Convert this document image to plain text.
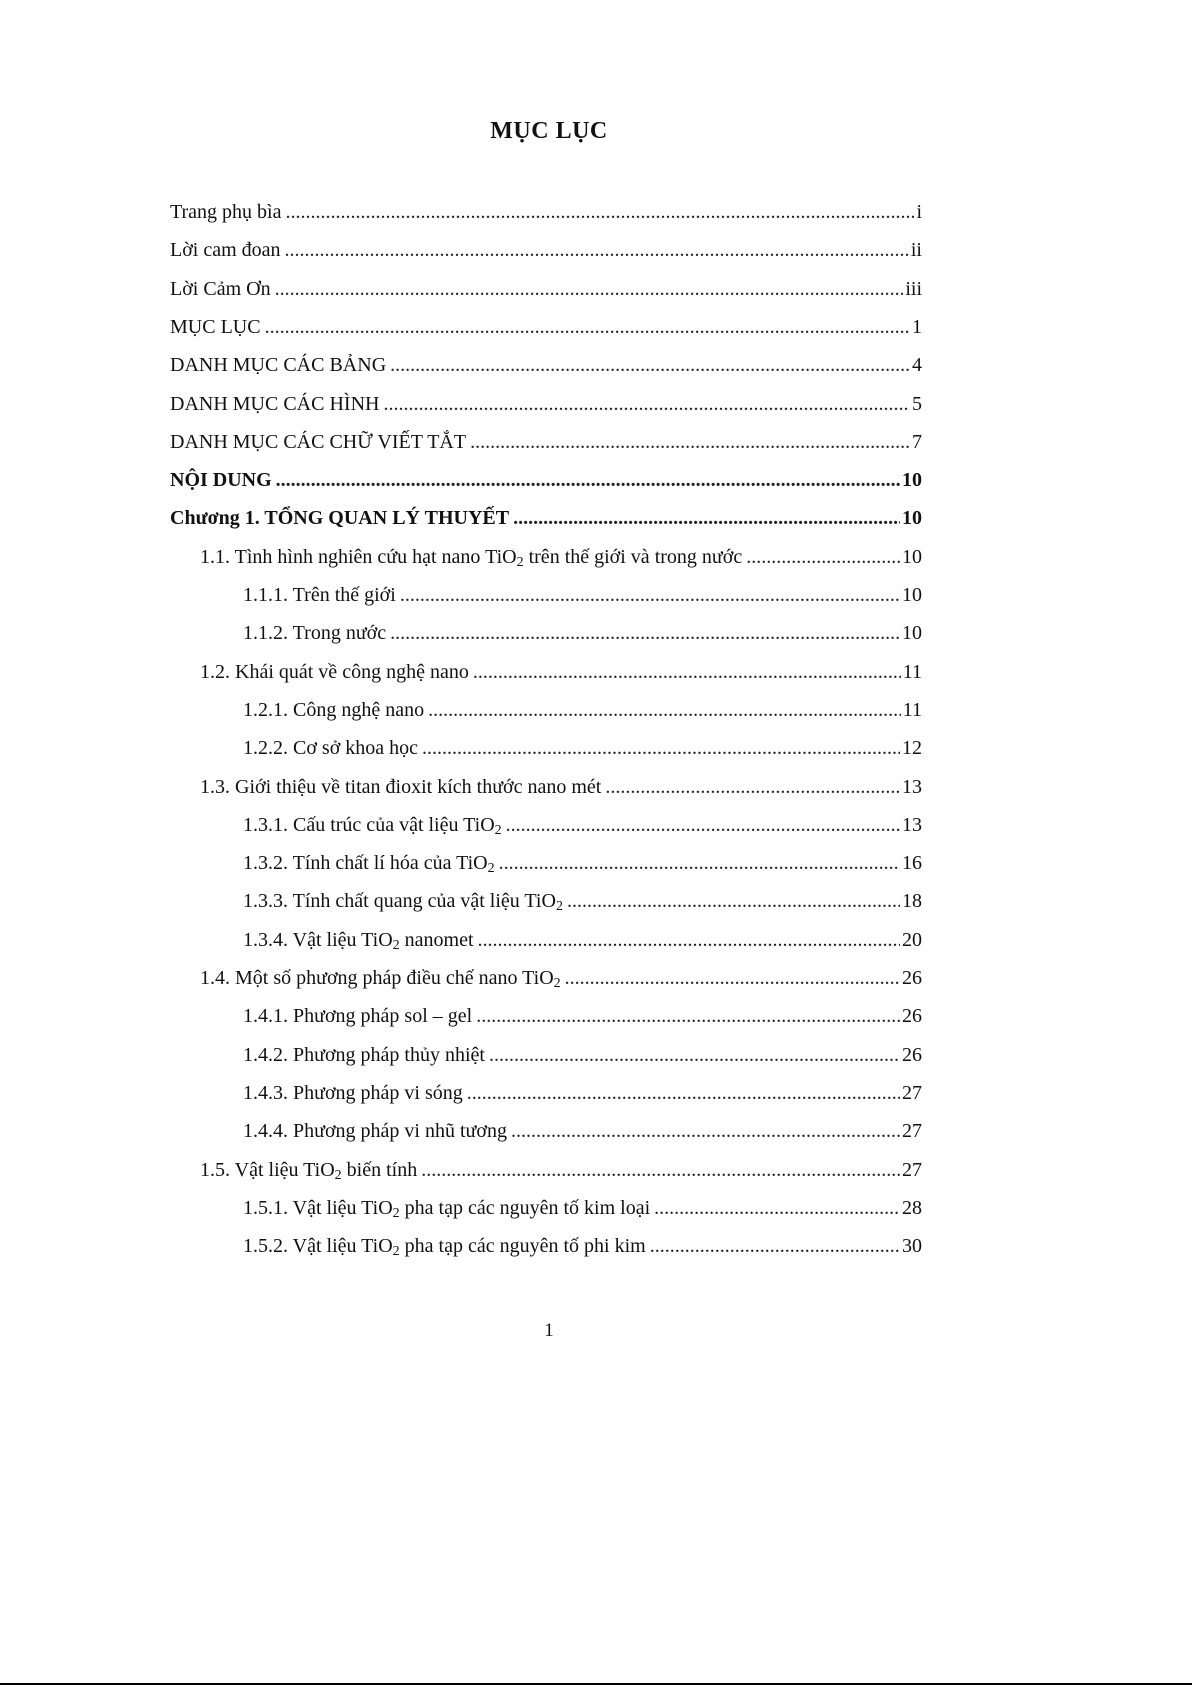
MỤC LỤC
Trang phụ bìa .....	i
Lời cam đoan .....	ii
Lời Cảm Ơn .....	iii
MỤC LỤC .....	1
DANH MỤC CÁC BẢNG .....	4
DANH MỤC CÁC HÌNH .....	5
DANH MỤC CÁC CHỮ VIẾT TẮT .....	7
NỘI DUNG .....	10
Chương 1. TỔNG QUAN LÝ THUYẾT .....	10
1.1. Tình hình nghiên cứu hạt nano TiO$_2$ trên thế giới và trong nước .....	10
1.1.1. Trên thế giới .....	10
1.1.2. Trong nước .....	10
1.2. Khái quát về công nghệ nano .....	11
1.2.1. Công nghệ nano .....	11
1.2.2. Cơ sở khoa học .....	12
1.3. Giới thiệu về titan đioxit kích thước nano mét .....	13
1.3.1. Cấu trúc của vật liệu TiO$_2$ .....	13
1.3.2. Tính chất lí hóa của TiO$_2$ .....	16
1.3.3. Tính chất quang của vật liệu TiO$_2$ .....	18
1.3.4. Vật liệu TiO$_2$ nanomet .....	20
1.4. Một số phương pháp điều chế nano TiO$_2$ .....	26
1.4.1. Phương pháp sol – gel .....	26
1.4.2. Phương pháp thủy nhiệt .....	26
1.4.3. Phương pháp vi sóng .....	27
1.4.4. Phương pháp vi nhũ tương .....	27
1.5. Vật liệu TiO$_2$ biến tính .....	27
1.5.1. Vật liệu TiO$_2$ pha tạp các nguyên tố kim loại .....	28
1.5.2. Vật liệu TiO$_2$ pha tạp các nguyên tố phi kim .....	30
1
